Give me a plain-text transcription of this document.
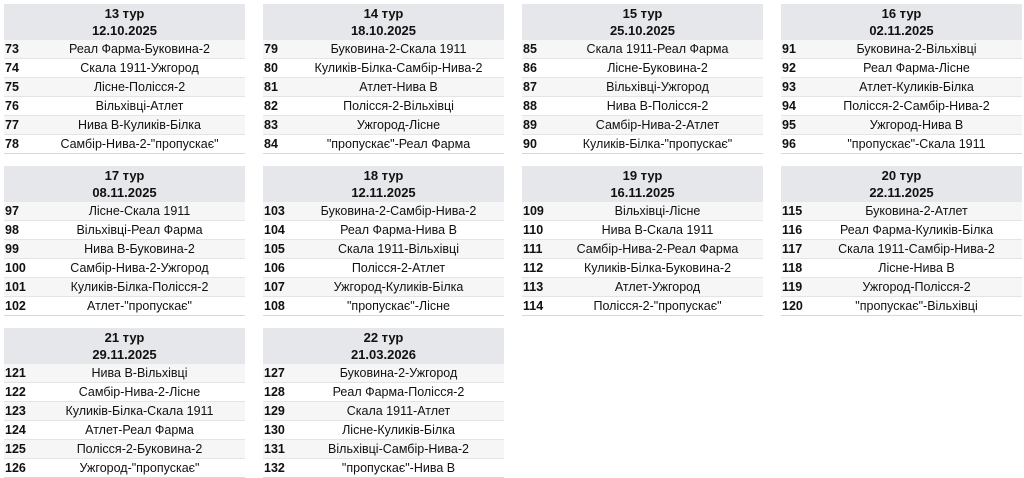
13 тур
12.10.2025
73	Реал Фарма-Буковина-2
74	Скала 1911-Ужгород
75	Лісне-Полісся-2
76	Вільхівці-Атлет
77	Нива В-Куликів-Білка
78	Самбір-Нива-2-"пропускає"
14 тур
18.10.2025
79	Буковина-2-Скала 1911
80	Куликів-Білка-Самбір-Нива-2
81	Атлет-Нива В
82	Полісся-2-Вільхівці
83	Ужгород-Лісне
84	"пропускає"-Реал Фарма
15 тур
25.10.2025
85	Скала 1911-Реал Фарма
86	Лісне-Буковина-2
87	Вільхівці-Ужгород
88	Нива В-Полісся-2
89	Самбір-Нива-2-Атлет
90	Куликів-Білка-"пропускає"
16 тур
02.11.2025
91	Буковина-2-Вільхівці
92	Реал Фарма-Лісне
93	Атлет-Куликів-Білка
94	Полісся-2-Самбір-Нива-2
95	Ужгород-Нива В
96	"пропускає"-Скала 1911
17 тур
08.11.2025
97	Лісне-Скала 1911
98	Вільхівці-Реал Фарма
99	Нива В-Буковина-2
100	Самбір-Нива-2-Ужгород
101	Куликів-Білка-Полісся-2
102	Атлет-"пропускає"
18 тур
12.11.2025
103	Буковина-2-Самбір-Нива-2
104	Реал Фарма-Нива В
105	Скала 1911-Вільхівці
106	Полісся-2-Атлет
107	Ужгород-Куликів-Білка
108	"пропускає"-Лісне
19 тур
16.11.2025
109	Вільхівці-Лісне
110	Нива В-Скала 1911
111	Самбір-Нива-2-Реал Фарма
112	Куликів-Білка-Буковина-2
113	Атлет-Ужгород
114	Полісся-2-"пропускає"
20 тур
22.11.2025
115	Буковина-2-Атлет
116	Реал Фарма-Куликів-Білка
117	Скала 1911-Самбір-Нива-2
118	Лісне-Нива В
119	Ужгород-Полісся-2
120	"пропускає"-Вільхівці
21 тур
29.11.2025
121	Нива В-Вільхівці
122	Самбір-Нива-2-Лісне
123	Куликів-Білка-Скала 1911
124	Атлет-Реал Фарма
125	Полісся-2-Буковина-2
126	Ужгород-"пропускає"
22 тур
21.03.2026
127	Буковина-2-Ужгород
128	Реал Фарма-Полісся-2
129	Скала 1911-Атлет
130	Лісне-Куликів-Білка
131	Вільхівці-Самбір-Нива-2
132	"пропускає"-Нива В
